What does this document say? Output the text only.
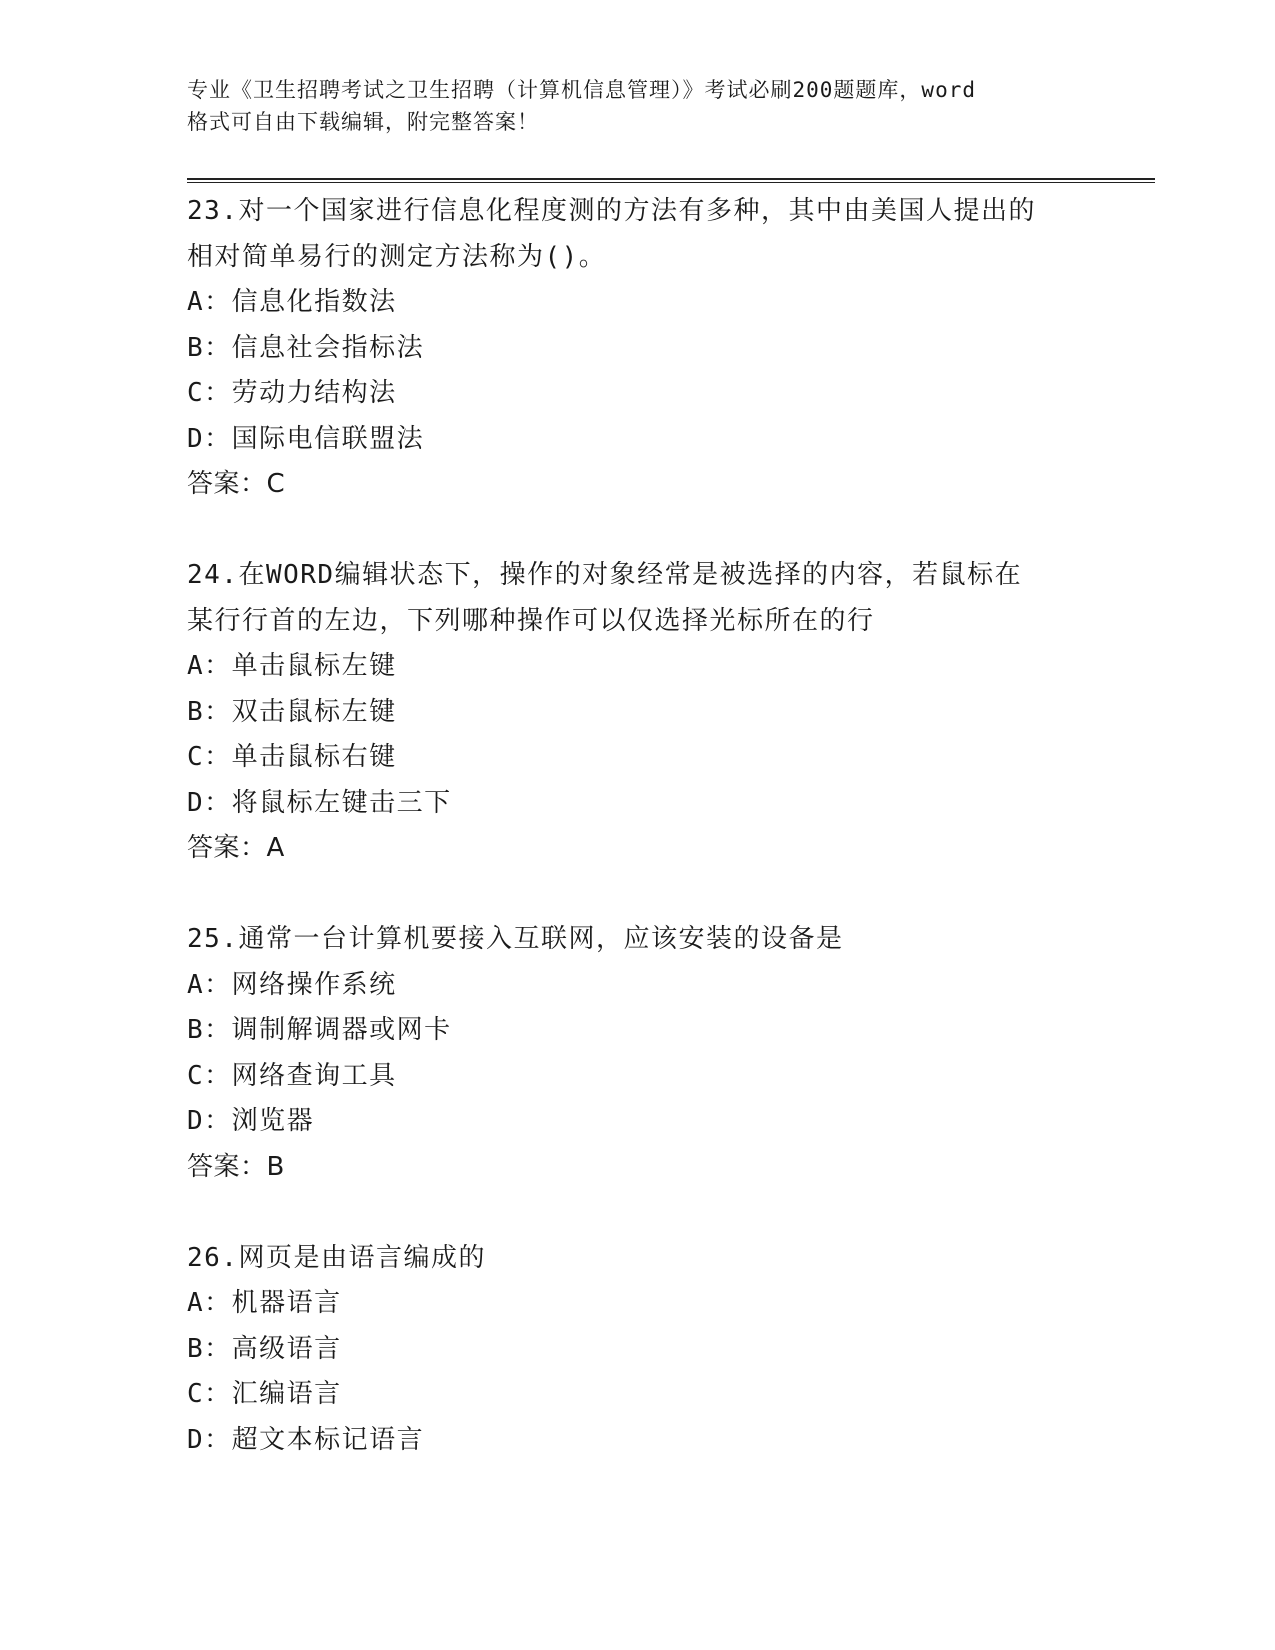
专业《卫生招聘考试之卫生招聘（计算机信息管理）》考试必刷200题题库，word
格式可自由下载编辑，附完整答案！
23.对一个国家进行信息化程度测的方法有多种，其中由美国人提出的
相对简单易行的测定方法称为()。
A：信息化指数法
B：信息社会指标法
C：劳动力结构法
D：国际电信联盟法
答案：C
24.在WORD编辑状态下，操作的对象经常是被选择的内容，若鼠标在
某行行首的左边，下列哪种操作可以仅选择光标所在的行
A：单击鼠标左键
B：双击鼠标左键
C：单击鼠标右键
D：将鼠标左键击三下
答案：A
25.通常一台计算机要接入互联网，应该安装的设备是
A：网络操作系统
B：调制解调器或网卡
C：网络查询工具
D：浏览器
答案：B
26.网页是由语言编成的
A：机器语言
B：高级语言
C：汇编语言
D：超文本标记语言
